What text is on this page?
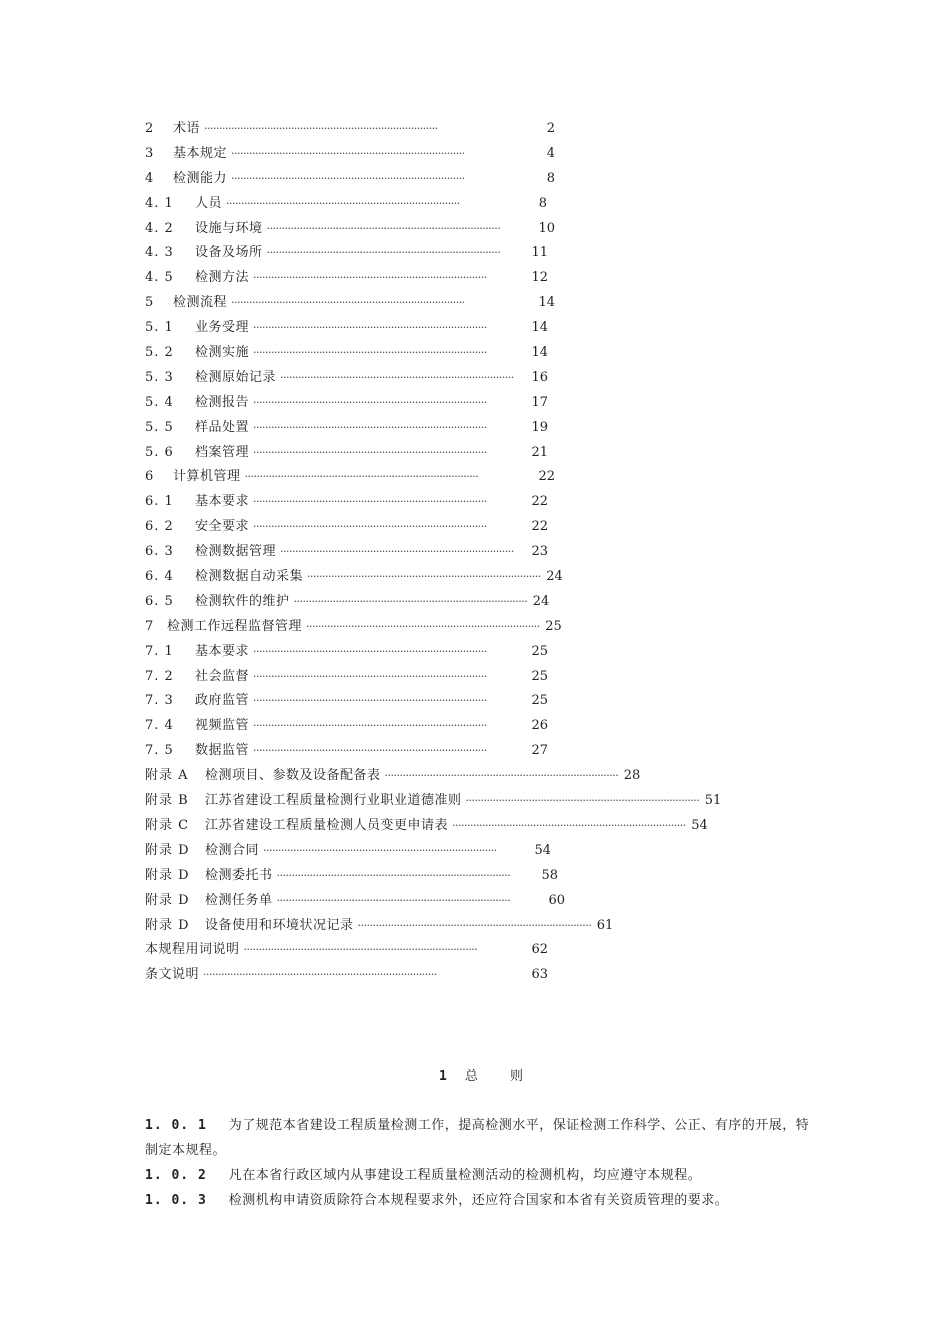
2	术语 ··············································································	2
3	基本规定 ··············································································	4
4	检测能力 ··············································································	8
4. 1	人员 ··············································································	8
4. 2	设施与环境 ··············································································	10
4. 3	设备及场所 ··············································································	11
4. 5	检测方法 ··············································································	12
5	检测流程 ··············································································	14
5. 1	业务受理 ··············································································	14
5. 2	检测实施 ··············································································	14
5. 3	检测原始记录 ··············································································	16
5. 4	检测报告 ··············································································	17
5. 5	样品处置 ··············································································	19
5. 6	档案管理 ··············································································	21
6	计算机管理 ··············································································	22
6. 1	基本要求 ··············································································	22
6. 2	安全要求 ··············································································	22
6. 3	检测数据管理 ··············································································	23
6. 4	检测数据自动采集 ·············································································· 24
6. 5	检测软件的维护 ·············································································· 24
7 检测工作远程监督管理 ·············································································· 25
7. 1	基本要求 ··············································································	25
7. 2	社会监督 ··············································································	25
7. 3	政府监管 ··············································································	25
7. 4	视频监管 ··············································································	26
7. 5	数据监管 ··············································································	27
附录 A	检测项目、参数及设备配备表 ·············································································· 28
附录 B	江苏省建设工程质量检测行业职业道德准则 ·············································································· 51
附录 C	江苏省建设工程质量检测人员变更申请表 ·············································································· 54
附录 D	检测合同 ··············································································	54
附录 D	检测委托书 ··············································································	58
附录 D	检测任务单 ··············································································	60
附录 D	设备使用和环境状况记录 ·············································································· 61
本规程用词说明 ··············································································	62
条文说明 ··············································································	63
1 总 则
1. 0. 1 为了规范本省建设工程质量检测工作，提高检测水平，保证检测工作科学、公正、有序的开展，特制定本规程。
1. 0. 2 凡在本省行政区域内从事建设工程质量检测活动的检测机构，均应遵守本规程。
1. 0. 3 检测机构申请资质除符合本规程要求外，还应符合国家和本省有关资质管理的要求。
